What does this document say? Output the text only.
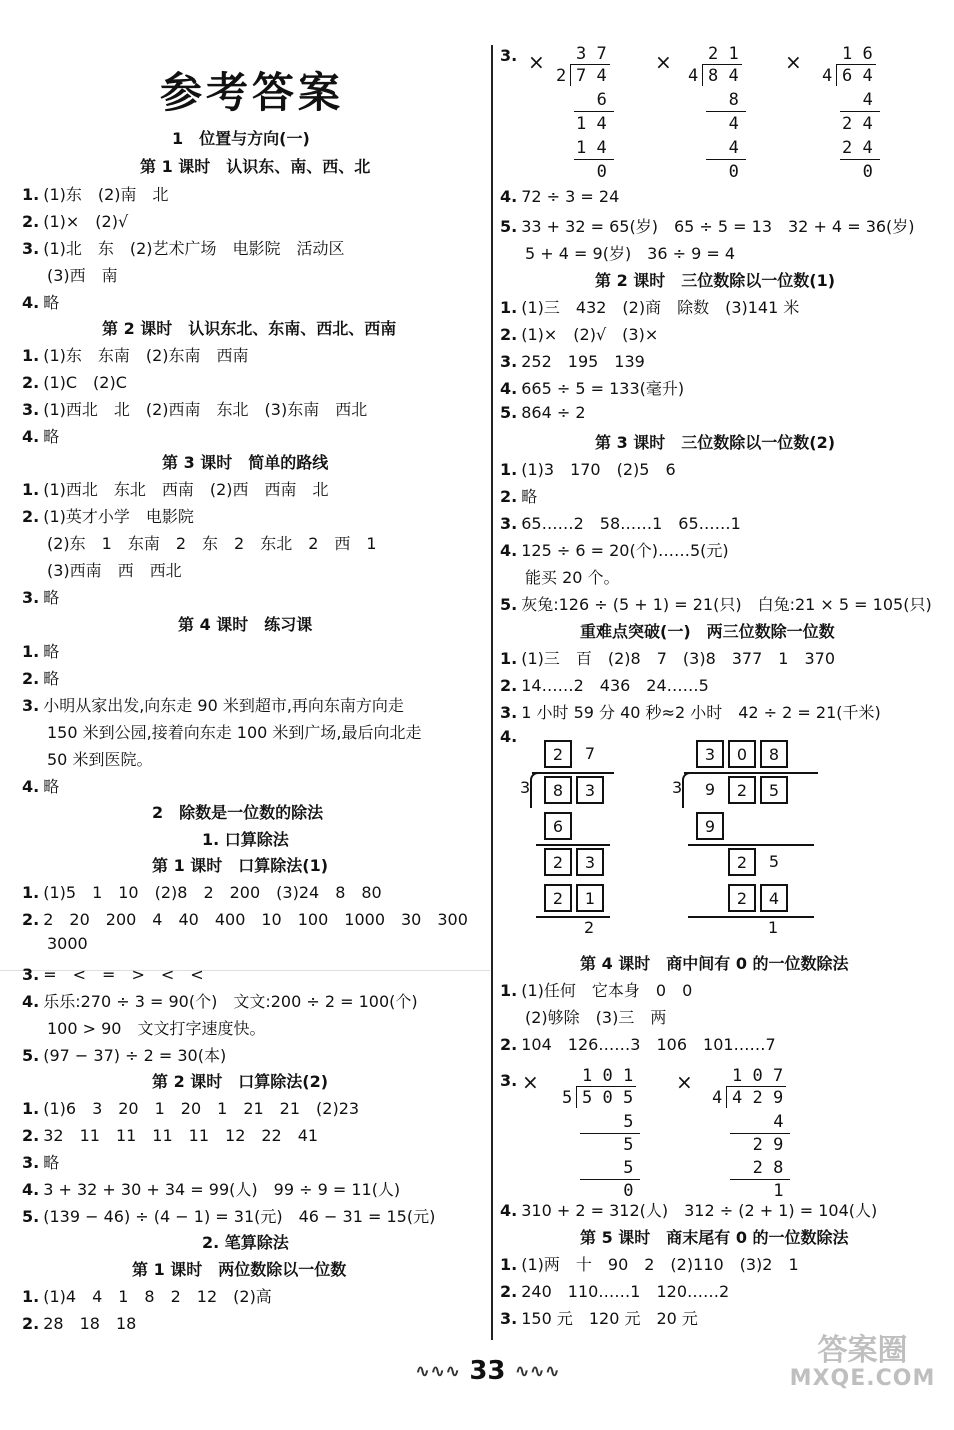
参考答案
1　位置与方向(一)
第 1 课时　认识东、南、西、北
1. (1)东　(2)南　北
2. (1)×　(2)√
3. (1)北　东　(2)艺术广场　电影院　活动区
(3)西　南
4. 略
第 2 课时　认识东北、东南、西北、西南
1. (1)东　东南　(2)东南　西南
2. (1)C　(2)C
3. (1)西北　北　(2)西南　东北　(3)东南　西北
4. 略
第 3 课时　简单的路线
1. (1)西北　东北　西南　(2)西　西南　北
2. (1)英才小学　电影院
(2)东　1　东南　2　东　2　东北　2　西　1
(3)西南　西　西北
3. 略
第 4 课时　练习课
1. 略
2. 略
3. 小明从家出发,向东走 90 米到超市,再向东南方向走
150 米到公园,接着向东走 100 米到广场,最后向北走
50 米到医院。
4. 略
2　除数是一位数的除法
1. 口算除法
第 1 课时　口算除法(1)
1. (1)5　1　10　(2)8　2　200　(3)24　8　80
2. 2　20　200　4　40　400　10　100　1000　30　300
3000
3. =　<　=　>　<　<
4. 乐乐:270 ÷ 3 = 90(个)　文文:200 ÷ 2 = 100(个)
100 > 90　文文打字速度快。
5. (97 − 37) ÷ 2 = 30(本)
第 2 课时　口算除法(2)
1. (1)6　3　20　1　20　1　21　21　(2)23
2. 32　11　11　11　11　12　22　41
3. 略
4. 3 + 32 + 30 + 34 = 99(人)　99 ÷ 9 = 11(人)
5. (139 − 46) ÷ (4 − 1) = 31(元)　46 − 31 = 15(元)
2. 笔算除法
第 1 课时　两位数除以一位数
1. (1)4　4　1　8　2　12　(2)高
2. 28　18　18
4. 72 ÷ 3 = 24
5. 33 + 32 = 65(岁)　65 ÷ 5 = 13　32 + 4 = 36(岁)
5 + 4 = 9(岁)　36 ÷ 9 = 4
第 2 课时　三位数除以一位数(1)
1. (1)三　432　(2)商　除数　(3)141 米
2. (1)×　(2)√　(3)×
3. 252　195　139
4. 665 ÷ 5 = 133(毫升)
5. 864 ÷ 2
第 3 课时　三位数除以一位数(2)
1. (1)3　170　(2)5　6
2. 略
3. 65……2　58……1　65……1
4. 125 ÷ 6 = 20(个)……5(元)
能买 20 个。
5. 灰兔:126 ÷ (5 + 1) = 21(只)　白兔:21 × 5 = 105(只)
重难点突破(一)　两三位数除一位数
1. (1)三　百　(2)8　7　(3)8　377　1　370
2. 14……2　436　24……5
3. 1 小时 59 分 40 秒≈2 小时　42 ÷ 2 = 21(千米)
4.
第 4 课时　商中间有 0 的一位数除法
1. (1)任何　它本身　0　0
(2)够除　(3)三　两
2. 104　126……3　106　101……7
4. 310 + 2 = 312(人)　312 ÷ (2 + 1) = 104(人)
第 5 课时　商末尾有 0 的一位数除法
1. (1)两　十　90　2　(2)110　(3)2　1
2. 240　110……1　120……2
3. 150 元　120 元　20 元
3. ×	×	×
3 7
2 7 4
6
1 4
1 4
0
2 1
4 8 4
8
4
4
0
1 6
4 6 4
4
2 4
2 4
0
3. ×	×
1 0 1
5 5 0 5
5
5
5
0
1 0 7
4 4 2 9
4
2 9
2 8
1
2	7
3	8	3
6
2	3
2	1
2
3	0	8
3	9	2	5
9
2	5
2	4
1
∿∿∿ 33 ∿∿∿
答案圈
MXQE.COM
